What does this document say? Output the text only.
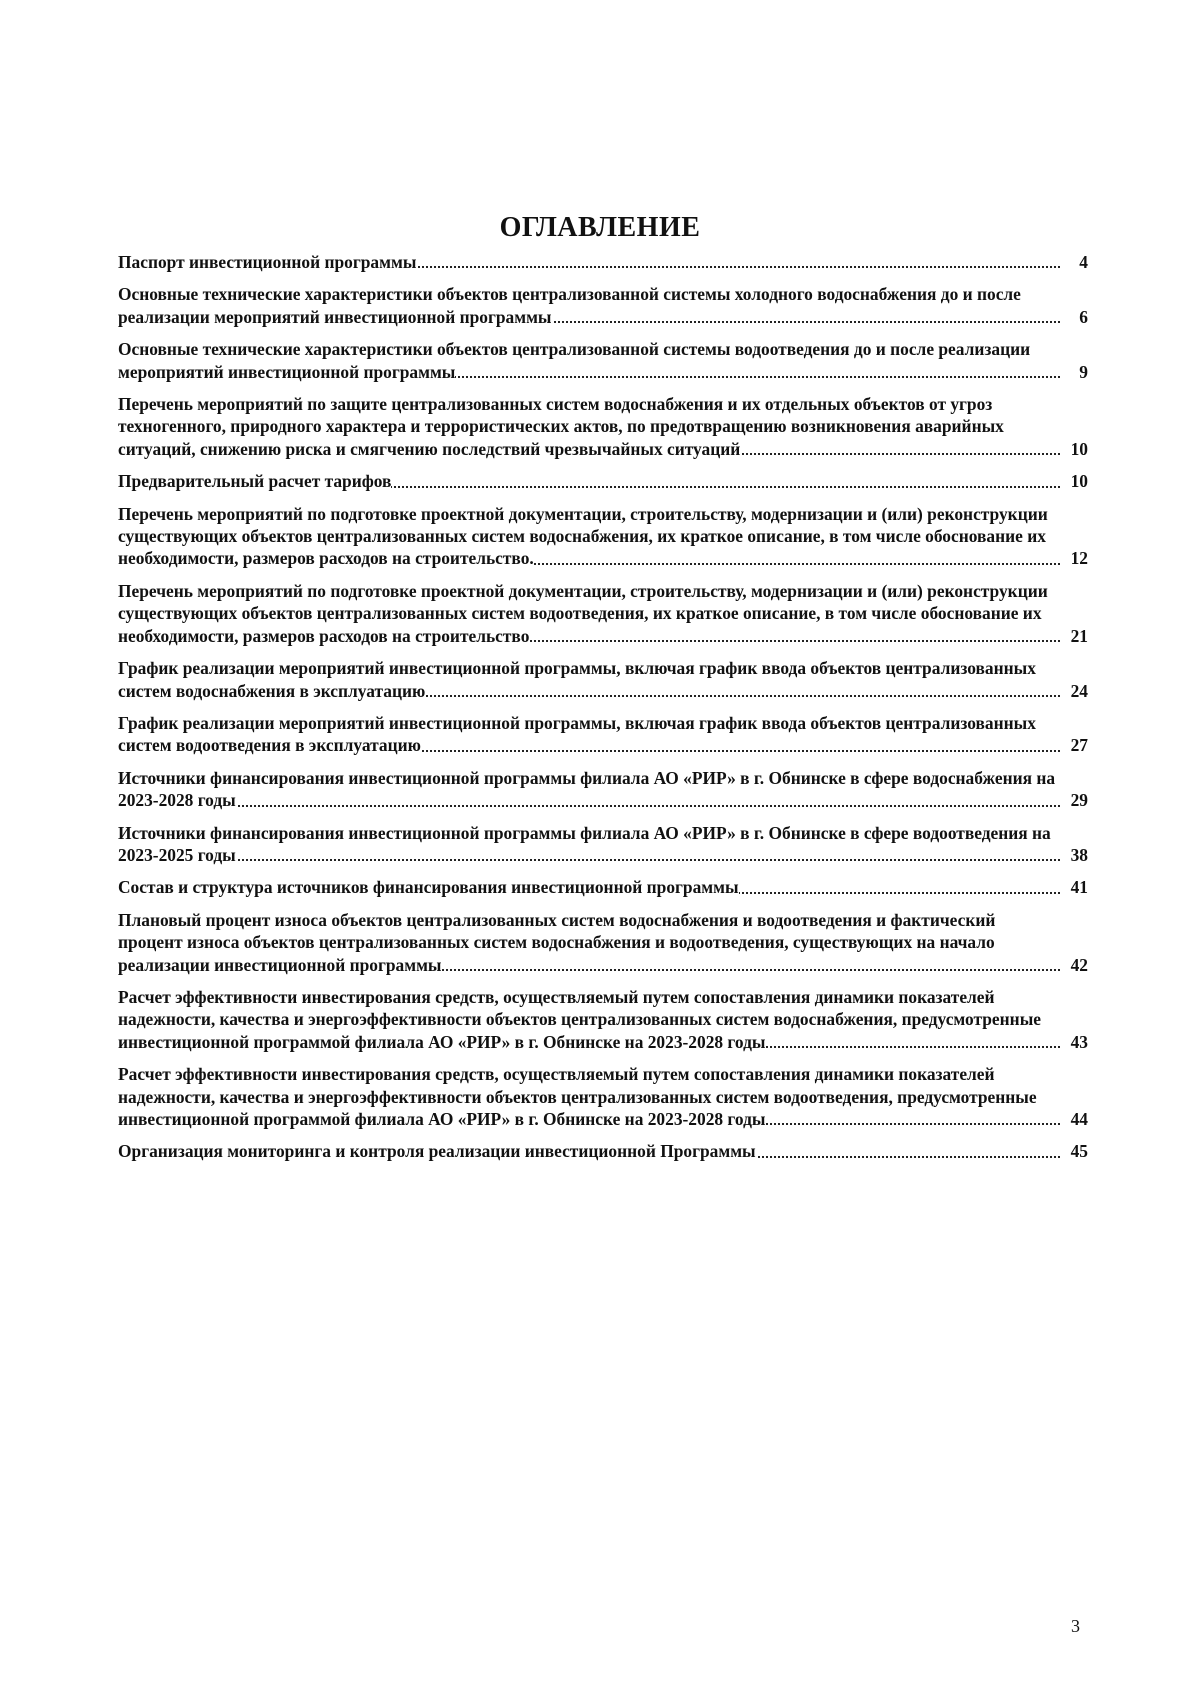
ОГЛАВЛЕНИЕ
Паспорт инвестиционной программы	4
Основные технические характеристики объектов централизованной системы холодного водоснабжения до и после реализации мероприятий инвестиционной программы	6
Основные технические характеристики объектов централизованной системы водоотведения до и после реализации мероприятий инвестиционной программы	9
Перечень мероприятий по защите централизованных систем водоснабжения и их отдельных объектов от угроз техногенного, природного характера и террористических актов, по предотвращению возникновения аварийных ситуаций, снижению риска и смягчению последствий чрезвычайных ситуаций	10
Предварительный расчет тарифов	10
Перечень мероприятий по подготовке проектной документации, строительству, модернизации и (или) реконструкции существующих объектов централизованных систем водоснабжения, их краткое описание, в том числе обоснование их необходимости, размеров расходов на строительство.	12
Перечень мероприятий по подготовке проектной документации, строительству, модернизации и (или) реконструкции существующих объектов централизованных систем водоотведения, их краткое описание, в том числе обоснование их необходимости, размеров расходов на строительство	21
График реализации мероприятий инвестиционной программы, включая график ввода объектов централизованных систем водоснабжения в эксплуатацию	24
График реализации мероприятий инвестиционной программы, включая график ввода объектов централизованных систем водоотведения в эксплуатацию	27
Источники финансирования инвестиционной программы филиала АО «РИР» в г. Обнинске в сфере водоснабжения на 2023-2028 годы	29
Источники финансирования инвестиционной программы филиала АО «РИР» в г. Обнинске в сфере водоотведения на 2023-2025 годы	38
Состав и структура источников финансирования инвестиционной программы	41
Плановый процент износа объектов централизованных систем водоснабжения и водоотведения и фактический процент износа объектов централизованных систем водоснабжения и водоотведения, существующих на начало реализации инвестиционной программы	42
Расчет эффективности инвестирования средств, осуществляемый путем сопоставления динамики показателей надежности, качества и энергоэффективности объектов централизованных систем водоснабжения, предусмотренные инвестиционной программой филиала АО «РИР» в г. Обнинске на 2023-2028 годы	43
Расчет эффективности инвестирования средств, осуществляемый путем сопоставления динамики показателей надежности, качества и энергоэффективности объектов централизованных систем водоотведения, предусмотренные инвестиционной программой филиала АО «РИР» в г. Обнинске на 2023-2028 годы	44
Организация мониторинга и контроля реализации инвестиционной Программы	45
3
